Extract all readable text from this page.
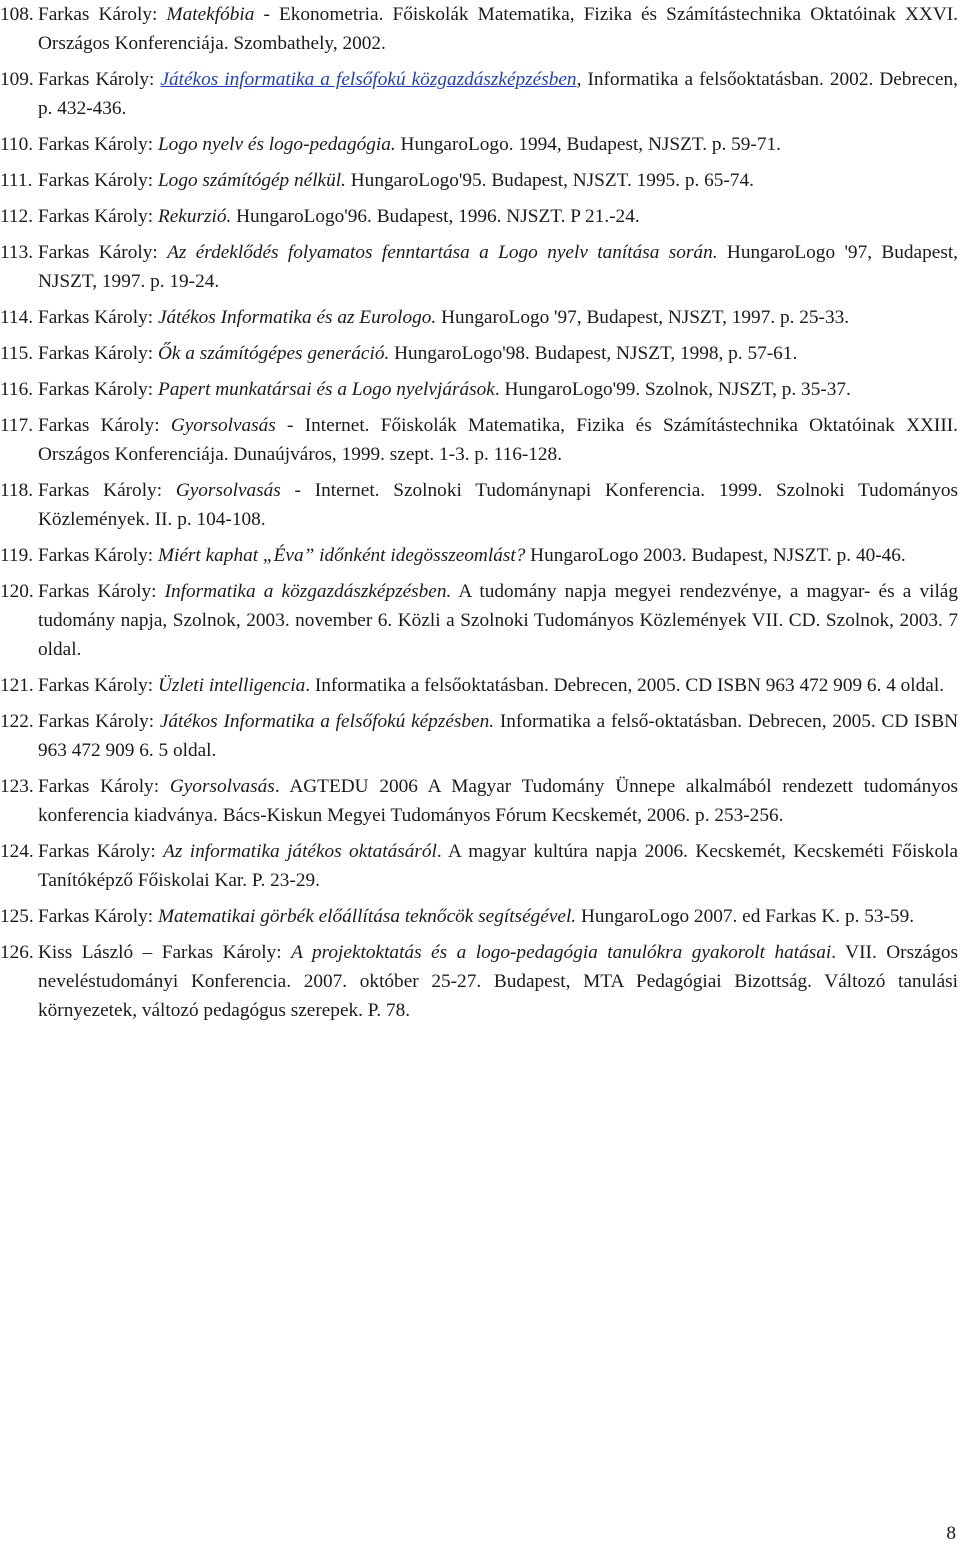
108. Farkas Károly: Matekfóbia - Ekonometria. Főiskolák Matematika, Fizika és Számítástechnika Oktatóinak XXVI. Országos Konferenciája. Szombathely, 2002.
109. Farkas Károly: Játékos informatika a felsőfokú közgazdászképzésben, Informatika a felsőoktatásban. 2002. Debrecen, p. 432-436.
110. Farkas Károly: Logo nyelv és logo-pedagógia. HungaroLogo. 1994, Budapest, NJSZT. p. 59-71.
111. Farkas Károly: Logo számítógép nélkül. HungaroLogo'95. Budapest, NJSZT. 1995. p. 65-74.
112. Farkas Károly: Rekurzió. HungaroLogo'96. Budapest, 1996. NJSZT. P 21.-24.
113. Farkas Károly: Az érdeklődés folyamatos fenntartása a Logo nyelv tanítása során. HungaroLogo '97, Budapest, NJSZT, 1997. p. 19-24.
114. Farkas Károly: Játékos Informatika és az Eurologo. HungaroLogo '97, Budapest, NJSZT, 1997. p. 25-33.
115. Farkas Károly: Ők a számítógépes generáció. HungaroLogo'98. Budapest, NJSZT, 1998, p. 57-61.
116. Farkas Károly: Papert munkatársai és a Logo nyelvjárások. HungaroLogo'99. Szolnok, NJSZT, p. 35-37.
117. Farkas Károly: Gyorsolvasás - Internet. Főiskolák Matematika, Fizika és Számítástechnika Oktatóinak XXIII. Országos Konferenciája. Dunaújváros, 1999. szept. 1-3. p. 116-128.
118. Farkas Károly: Gyorsolvasás - Internet. Szolnoki Tudománynapi Konferencia. 1999. Szolnoki Tudományos Közlemények. II. p. 104-108.
119. Farkas Károly: Miért kaphat „Éva” időnként idegösszeomlást? HungaroLogo 2003. Budapest, NJSZT. p. 40-46.
120. Farkas Károly: Informatika a közgazdászképzésben. A tudomány napja megyei rendezvénye, a magyar- és a világ tudomány napja, Szolnok, 2003. november 6. Közli a Szolnoki Tudományos Közlemények VII. CD. Szolnok, 2003. 7 oldal.
121. Farkas Károly: Üzleti intelligencia. Informatika a felsőoktatásban. Debrecen, 2005. CD ISBN 963 472 909 6. 4 oldal.
122. Farkas Károly: Játékos Informatika a felsőfokú képzésben. Informatika a felső-oktatásban. Debrecen, 2005. CD ISBN 963 472 909 6. 5 oldal.
123. Farkas Károly: Gyorsolvasás. AGTEDU 2006 A Magyar Tudomány Ünnepe alkalmából rendezett tudományos konferencia kiadványa. Bács-Kiskun Megyei Tudományos Fórum Kecskemét, 2006. p. 253-256.
124. Farkas Károly: Az informatika játékos oktatásáról. A magyar kultúra napja 2006. Kecskemét, Kecskeméti Főiskola Tanítóképző Főiskolai Kar. P. 23-29.
125. Farkas Károly: Matematikai görbék előállítása teknőcök segítségével. HungaroLogo 2007. ed Farkas K. p. 53-59.
126. Kiss László – Farkas Károly: A projektoktatás és a logo-pedagógia tanulókra gyakorolt hatásai. VII. Országos neveléstudományi Konferencia. 2007. október 25-27. Budapest, MTA Pedagógiai Bizottság. Változó tanulási környezetek, változó pedagógus szerepek. P. 78.
8
